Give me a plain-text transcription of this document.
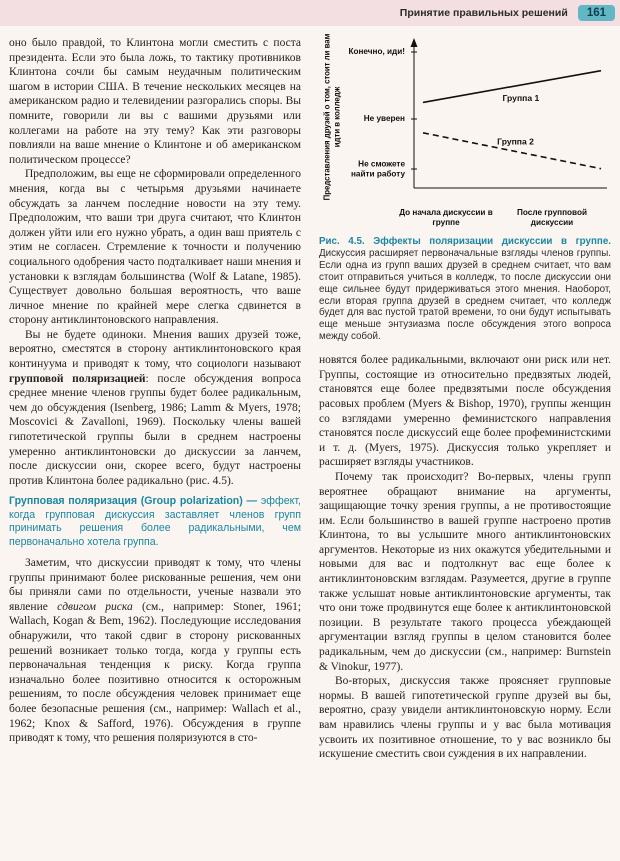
Принятие правильных решений	161

оно было правдой, то Клинтона могли сместить с поста президента. Если это была ложь, то тактику противников Клинтона сочли бы самым неудачным политическим шагом в истории США. В течение нескольких месяцев на американском радио и телевидении разгорались споры. Вы помните, говорили ли вы с вашими друзьями или коллегами на работе на эту тему? Как эти разговоры повлияли на ваше мнение о Клинтоне и об американском политическом процессе?

Предположим, вы еще не сформировали определенного мнения, когда вы с четырьмя друзьями начинаете обсуждать за ланчем последние новости на эту тему. Предположим, что ваши три друга считают, что Клинтон должен уйти или его нужно убрать, а один ваш приятель с этим не согласен. Стремление к точности и получению социального одобрения часто подталкивает наши мнения и установки к взглядам большинства (Wolf & Latane, 1985). Существует довольно большая вероятность, что ваше личное мнение по крайней мере слегка сдвинется в сторону антиклинтоновского направления.

Вы не будете одиноки. Мнения ваших друзей тоже, вероятно, сместятся в сторону антиклинтоновского края континуума и приводят к тому, что социологи называют групповой поляризацией: после обсуждения вопроса среднее мнение членов группы будет более радикальным, чем до обсуждения (Isenberg, 1986; Lamm & Myers, 1978; Moscovici & Zavalloni, 1969). Поскольку члены вашей гипотетической группы были в среднем настроены умеренно антиклинтоновски до дискуссии за ланчем, после дискуссии они, скорее всего, будут настроены против Клинтона более радикально (рис. 4.5).

Групповая поляризация (Group polarization) — эффект, когда групповая дискуссия заставляет членов групп принимать решения более радикальными, чем первоначально хотела группа.

Заметим, что дискуссии приводят к тому, что члены группы принимают более рискованные решения, чем они бы приняли сами по отдельности, ученые назвали это явление сдвигом риска (см., например: Stoner, 1961; Wallach, Kogan & Bem, 1962). Последующие исследования обнаружили, что такой сдвиг в сторону рискованных решений возникает только тогда, когда у группы есть первоначальная тенденция к риску. Когда группа изначально более позитивно относится к осторожным решениям, то после обсуждения человек принимает еще более безопасные решения (см., например: Wallach et al., 1962; Knox & Safford, 1976). Обсуждения в группе приводят к тому, что решения поляризуются в сто-

Представления друзей о том, стоит ли вам идти в колледж
Конечно, иди!
Не уверен
Не сможете найти работу
Группа 1
Группа 2
До начала дискуссии в группе
После групповой дискуссии

Рис. 4.5. Эффекты поляризации дискуссии в группе. Дискуссия расширяет первоначальные взгляды членов группы. Если одна из групп ваших друзей в среднем считает, что вам стоит отправиться учиться в колледж, то после дискуссии они еще сильнее будут придерживаться этого мнения. Наоборот, если вторая группа друзей в среднем считает, что колледж будет для вас пустой тратой времени, то они будут испытывать еще меньше энтузиазма после обсуждения этого вопроса между собой.

новятся более радикальными, включают они риск или нет. Группы, состоящие из относительно предвзятых людей, становятся еще более предвзятыми после обсуждения расовых проблем (Myers & Bishop, 1970), группы женщин со взглядами умеренно феминистского направления становятся после дискуссий еще более профеминистскими и т. д. (Myers, 1975). Дискуссия только укрепляет и расширяет взгляды участников.

Почему так происходит? Во-первых, члены групп вероятнее обращают внимание на аргументы, защищающие точку зрения группы, а не противостоящие им. Если большинство в вашей группе настроено против Клинтона, то вы услышите много антиклинтоновских аргументов. Некоторые из них окажутся убедительными и новыми для вас и подтолкнут вас еще более к антиклинтоновским взглядам. Разумеется, другие в группе также услышат новые антиклинтоновские аргументы, так что они тоже продвинутся еще более к антиклинтоновской позиции. В результате такого процесса убеждающей аргументации взгляд группы в целом становится более радикальным, чем до дискуссии (см., например: Burnstein & Vinokur, 1977).

Во-вторых, дискуссия также проясняет групповые нормы. В вашей гипотетической группе друзей вы бы, вероятно, сразу увидели антиклинтоновскую норму. Если вам нравились члены группы и у вас была мотивация усвоить их позитивное отношение, то у вас возникло бы искушение сместить свои суждения в их направлении.
